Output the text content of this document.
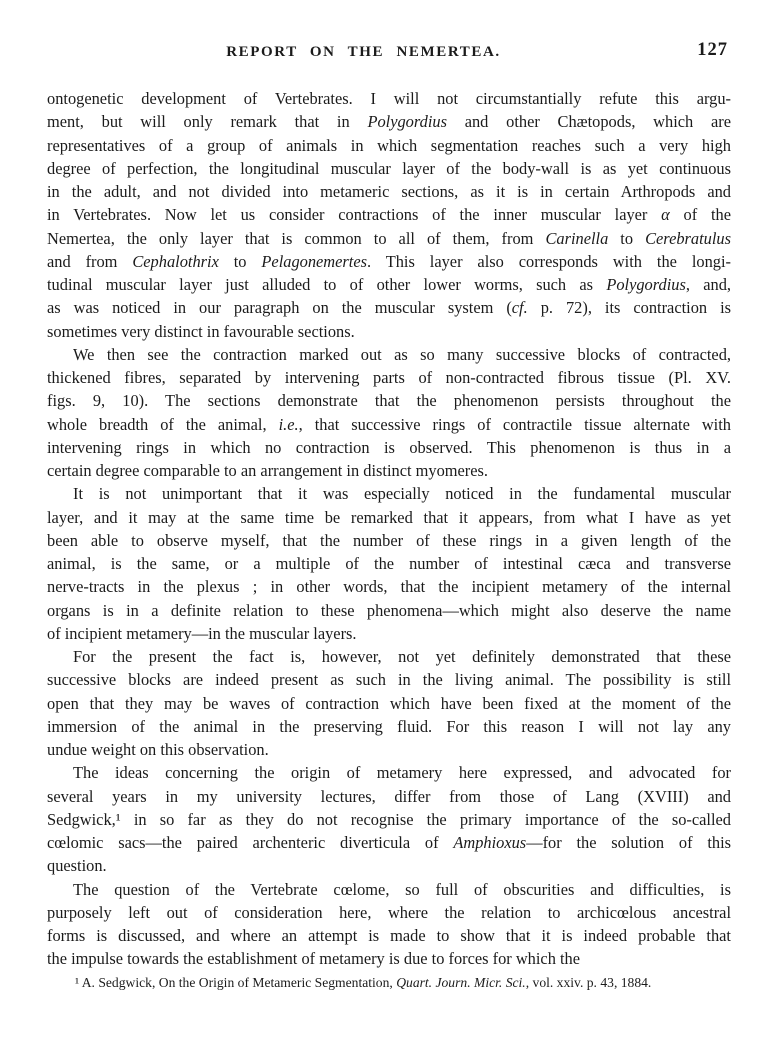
REPORT ON THE NEMERTEA.	127
ontogenetic development of Vertebrates. I will not circumstantially refute this argu-
ment, but will only remark that in Polygordius and other Chætopods, which are
representatives of a group of animals in which segmentation reaches such a very high
degree of perfection, the longitudinal muscular layer of the body-wall is as yet continuous
in the adult, and not divided into metameric sections, as it is in certain Arthropods and
in Vertebrates. Now let us consider contractions of the inner muscular layer α of the
Nemertea, the only layer that is common to all of them, from Carinella to Cerebratulus
and from Cephalothrix to Pelagonemertes. This layer also corresponds with the longi-
tudinal muscular layer just alluded to of other lower worms, such as Polygordius, and,
as was noticed in our paragraph on the muscular system (cf. p. 72), its contraction is
sometimes very distinct in favourable sections.
We then see the contraction marked out as so many successive blocks of contracted,
thickened fibres, separated by intervening parts of non-contracted fibrous tissue (Pl. XV.
figs. 9, 10). The sections demonstrate that the phenomenon persists throughout the
whole breadth of the animal, i.e., that successive rings of contractile tissue alternate with
intervening rings in which no contraction is observed. This phenomenon is thus in a
certain degree comparable to an arrangement in distinct myomeres.
It is not unimportant that it was especially noticed in the fundamental muscular
layer, and it may at the same time be remarked that it appears, from what I have as yet
been able to observe myself, that the number of these rings in a given length of the
animal, is the same, or a multiple of the number of intestinal cæca and transverse
nerve-tracts in the plexus ; in other words, that the incipient metamery of the internal
organs is in a definite relation to these phenomena—which might also deserve the name
of incipient metamery—in the muscular layers.
For the present the fact is, however, not yet definitely demonstrated that these
successive blocks are indeed present as such in the living animal. The possibility is still
open that they may be waves of contraction which have been fixed at the moment of the
immersion of the animal in the preserving fluid. For this reason I will not lay any
undue weight on this observation.
The ideas concerning the origin of metamery here expressed, and advocated for
several years in my university lectures, differ from those of Lang (XVIII) and
Sedgwick,¹ in so far as they do not recognise the primary importance of the so-called
cœlomic sacs—the paired archenteric diverticula of Amphioxus—for the solution of this
question.
The question of the Vertebrate cœlome, so full of obscurities and difficulties, is
purposely left out of consideration here, where the relation to archicœlous ancestral
forms is discussed, and where an attempt is made to show that it is indeed probable that
the impulse towards the establishment of metamery is due to forces for which the
¹ A. Sedgwick, On the Origin of Metameric Segmentation, Quart. Journ. Micr. Sci., vol. xxiv. p. 43, 1884.
